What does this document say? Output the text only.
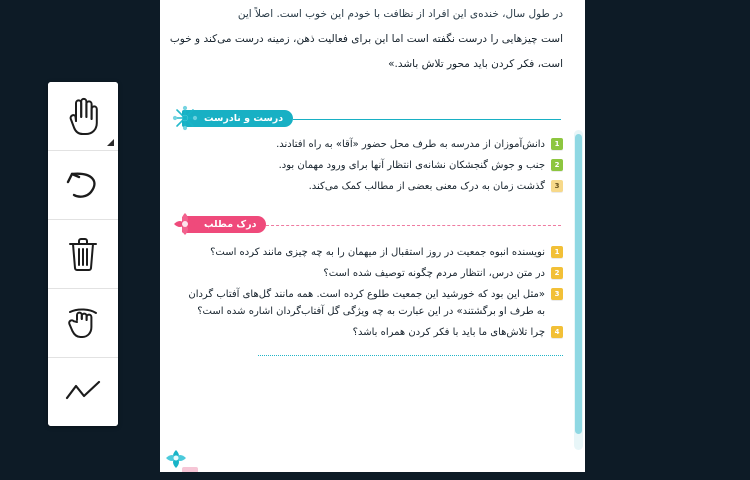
در طول سال، خنده‌ی این افراد از نظافت با خودم این خوب است. اصلاً این
است چیزهایی را درست نگفته است اما این برای فعالیت ذهن، زمینه درست می‌کند و خوب
است، فکر کردن باید محور تلاش باشد.»
درست و نادرست
1
دانش‌آموزان از مدرسه به طرف محل حضور «آقا» به راه افتادند.
2
جنب و جوش گنجشکان نشانه‌ی انتظار آنها برای ورود مهمان بود.
3
گذشت زمان به درک معنی بعضی از مطالب کمک می‌کند.
درک مطلب
1
نویسنده انبوه جمعیت در روز استقبال از میهمان را به چه چیزی مانند کرده است؟
2
در متن درس، انتظار مردم چگونه توصیف شده است؟
3
«مثل این بود که خورشید این جمعیت طلوع کرده است. همه مانند گل‌های آفتاب گردان
به طرف او برگشتند» در این عبارت به چه ویژگی گل آفتاب‌گردان اشاره شده است؟
4
چرا تلاش‌های ما باید با فکر کردن همراه باشد؟
